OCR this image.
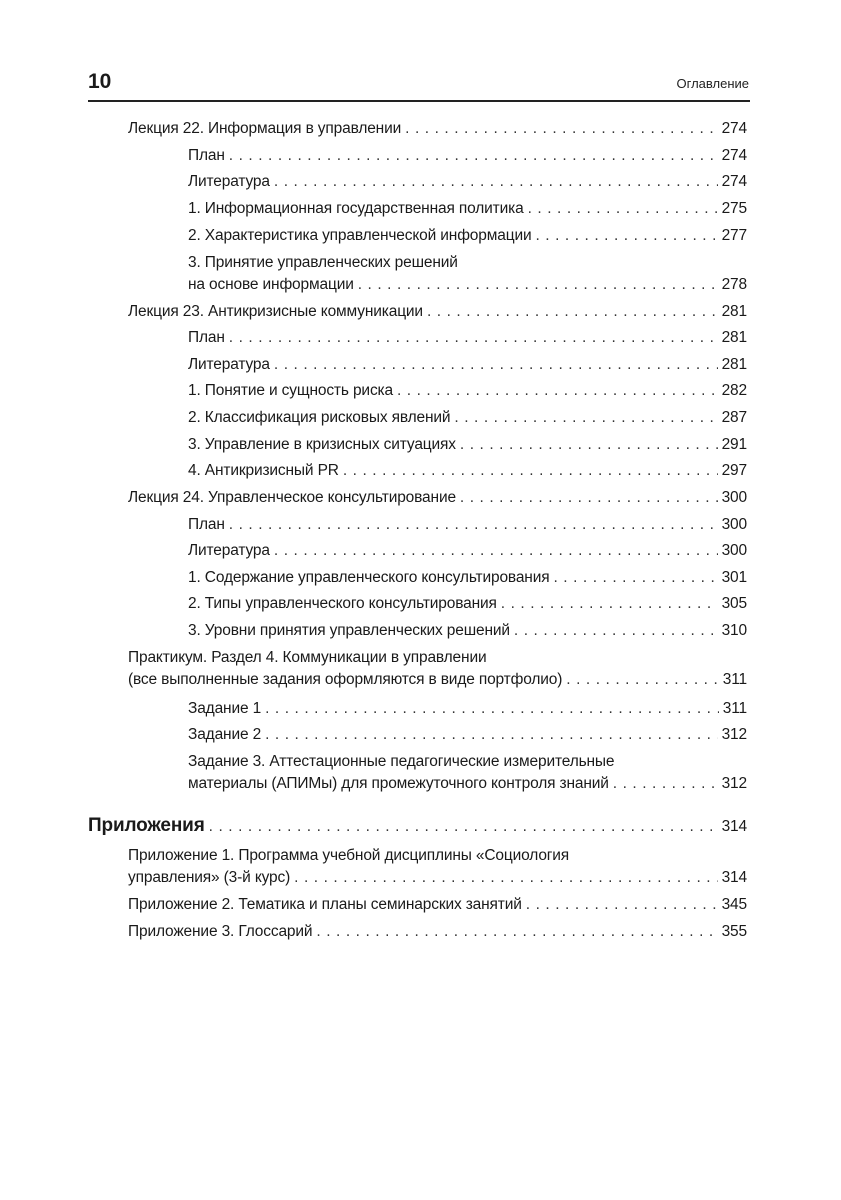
10	Оглавление
Лекция 22. Информация в управлении . . .	274
План . . .	274
Литература . . .	274
1. Информационная государственная политика . . .	275
2. Характеристика управленческой информации . . .	277
3. Принятие управленческих решений
на основе информации . . .	278
Лекция 23. Антикризисные коммуникации . . .	281
План . . .	281
Литература . . .	281
1. Понятие и сущность риска . . .	282
2. Классификация рисковых явлений . . .	287
3. Управление в кризисных ситуациях . . .	291
4. Антикризисный PR . . .	297
Лекция 24. Управленческое консультирование . . .	300
План . . .	300
Литература . . .	300
1. Содержание управленческого консультирования . . .	301
2. Типы управленческого консультирования . . .	305
3. Уровни принятия управленческих решений . . .	310
Практикум. Раздел 4. Коммуникации в управлении
(все выполненные задания оформляются в виде портфолио) . . .	311
Задание 1 . . .	311
Задание 2 . . .	312
Задание 3. Аттестационные педагогические измерительные
материалы (АПИМы) для промежуточного контроля знаний . . .	312
Приложения . . .	314
Приложение 1. Программа учебной дисциплины «Социология
управления» (3-й курс) . . .	314
Приложение 2. Тематика и планы семинарских занятий . . .	345
Приложение 3. Глоссарий . . .	355
